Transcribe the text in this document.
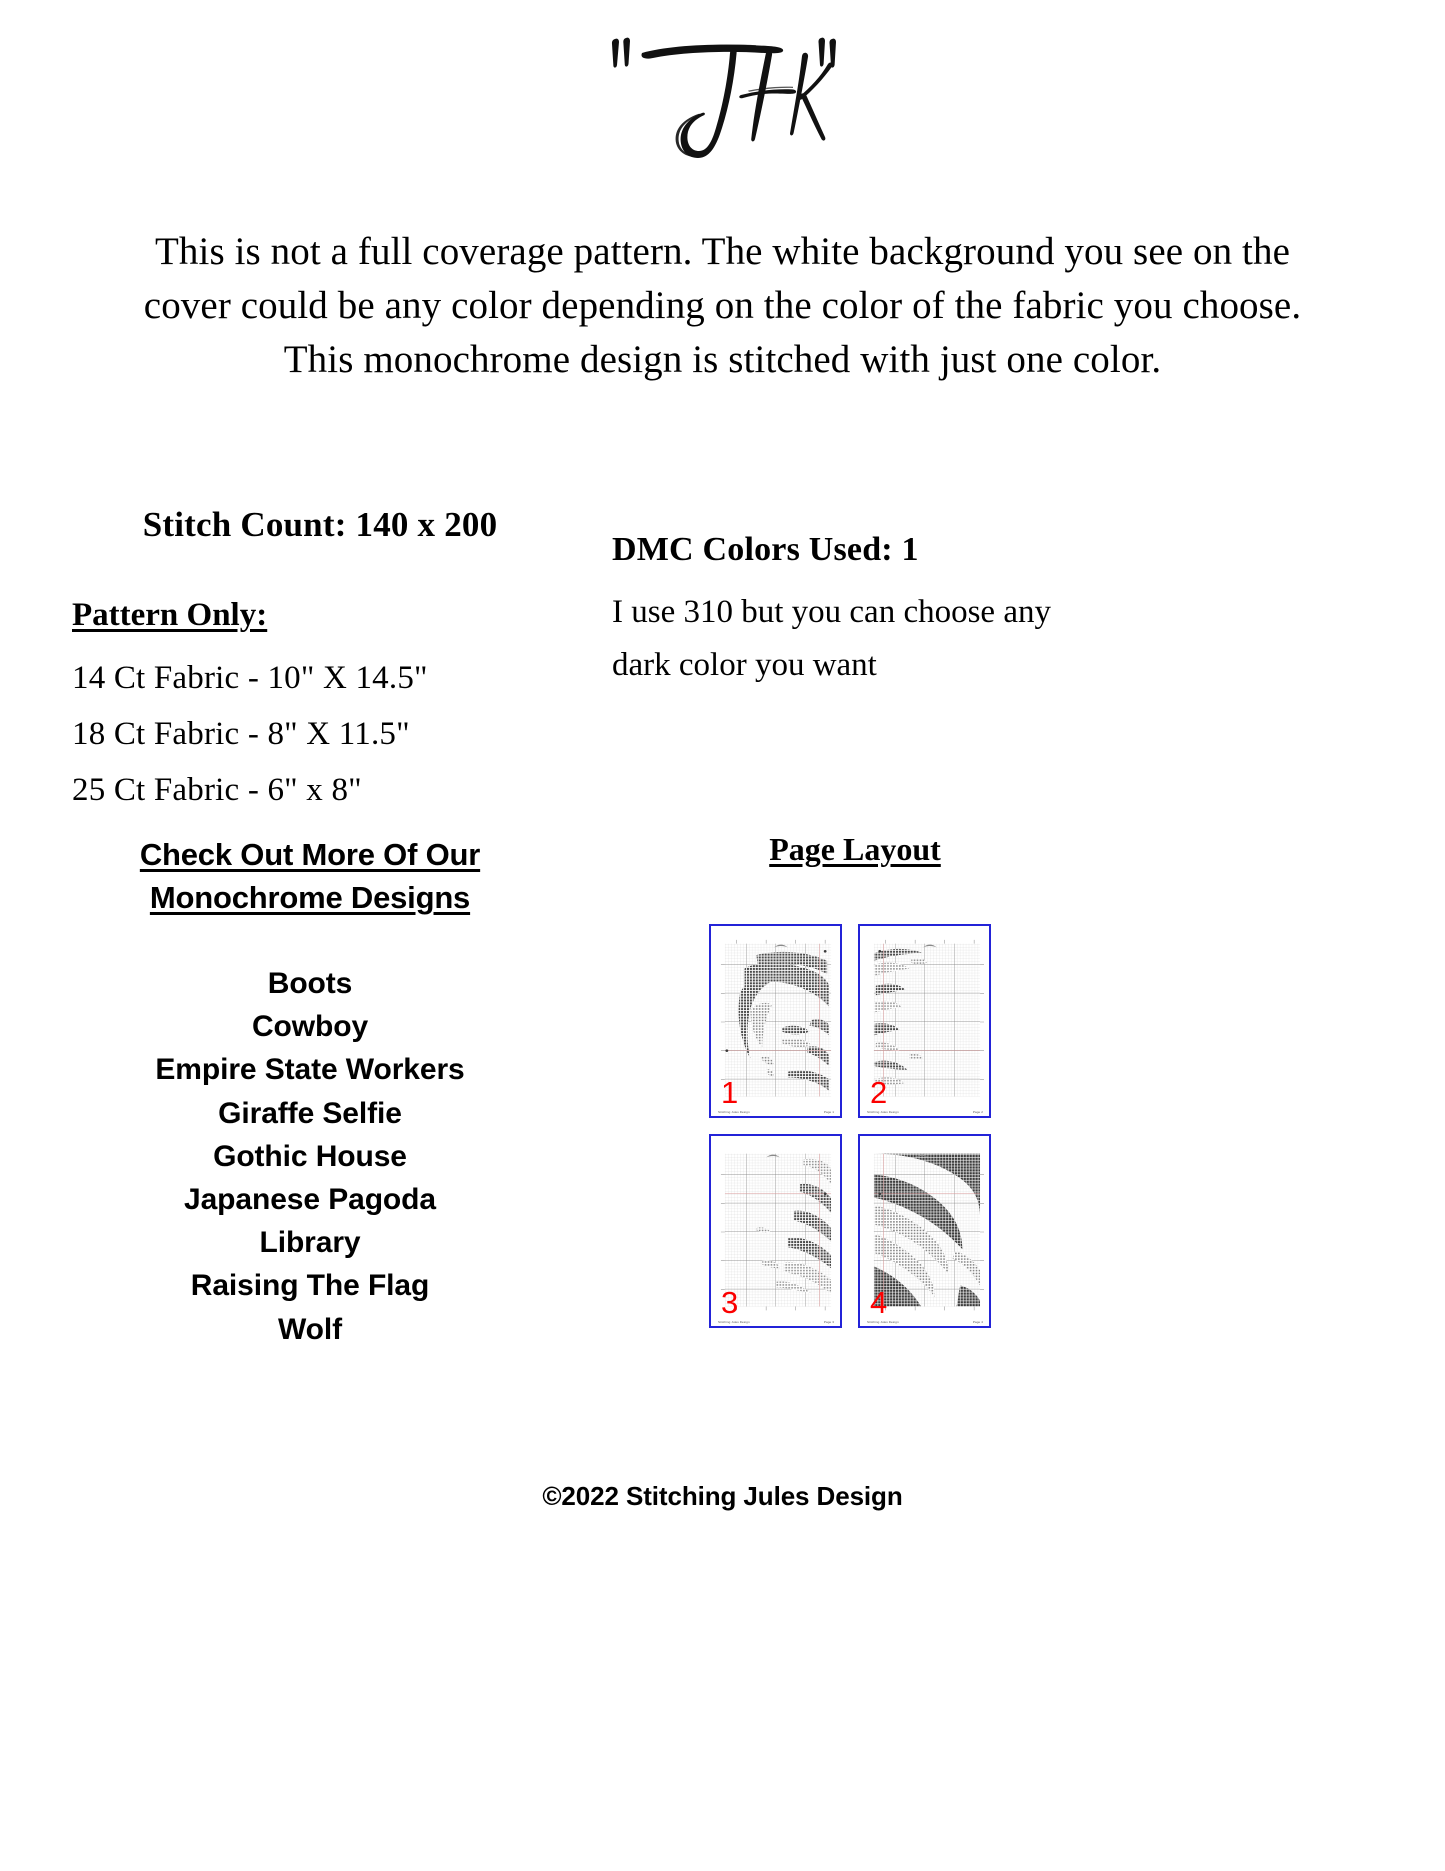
This is not a full coverage pattern. The white background you see on the cover could be any color depending on the color of the fabric you choose. This monochrome design is stitched with just one color.
Stitch Count: 140 x 200
Pattern Only:
14 Ct Fabric - 10" X 14.5"
18 Ct Fabric - 8" X 11.5"
25 Ct Fabric - 6" x 8"
DMC Colors Used: 1
I use 310 but you can choose any dark color you want
Check Out More Of Our
Monochrome Designs
Boots
Cowboy
Empire State Workers
Giraffe Selfie
Gothic House
Japanese Pagoda
Library
Raising The Flag
Wolf
Page Layout
Stitching Jules Design	Page 1
1
Stitching Jules Design	Page 2
2
Stitching Jules Design	Page 3
3
Stitching Jules Design	Page 4
4
©2022 Stitching Jules Design
